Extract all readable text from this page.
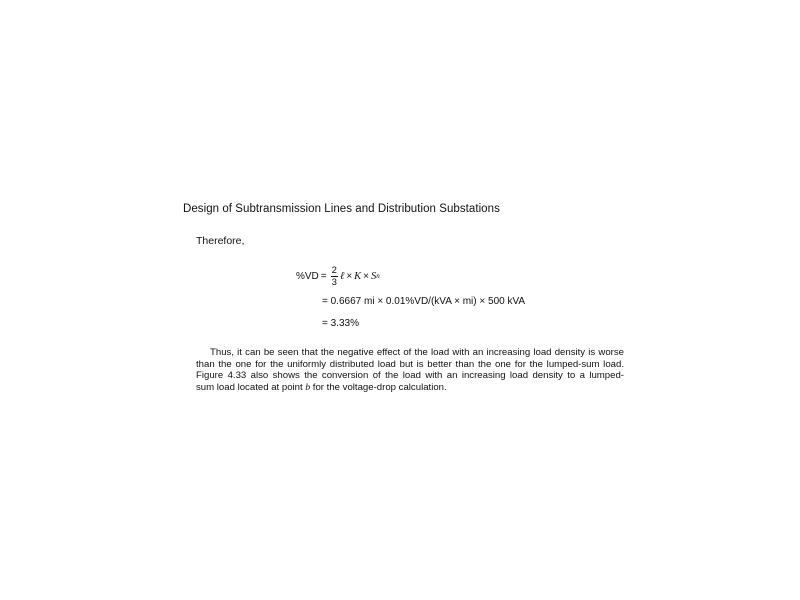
Design of Subtransmission Lines and Distribution Substations
Therefore,
$\%VD = \frac{2}{3}$ ℓ × K × S n
= 0.6667 mi × 0.01%VD/(kVA × mi) × 500 kVA
= 3.33%
Thus, it can be seen that the negative effect of the load with an increasing load density is worse
than the one for the uniformly distributed load but is better than the one for the lumped-sum load.
Figure 4.33 also shows the conversion of the load with an increasing load density to a lumped-
sum load located at point b for the voltage-drop calculation.
